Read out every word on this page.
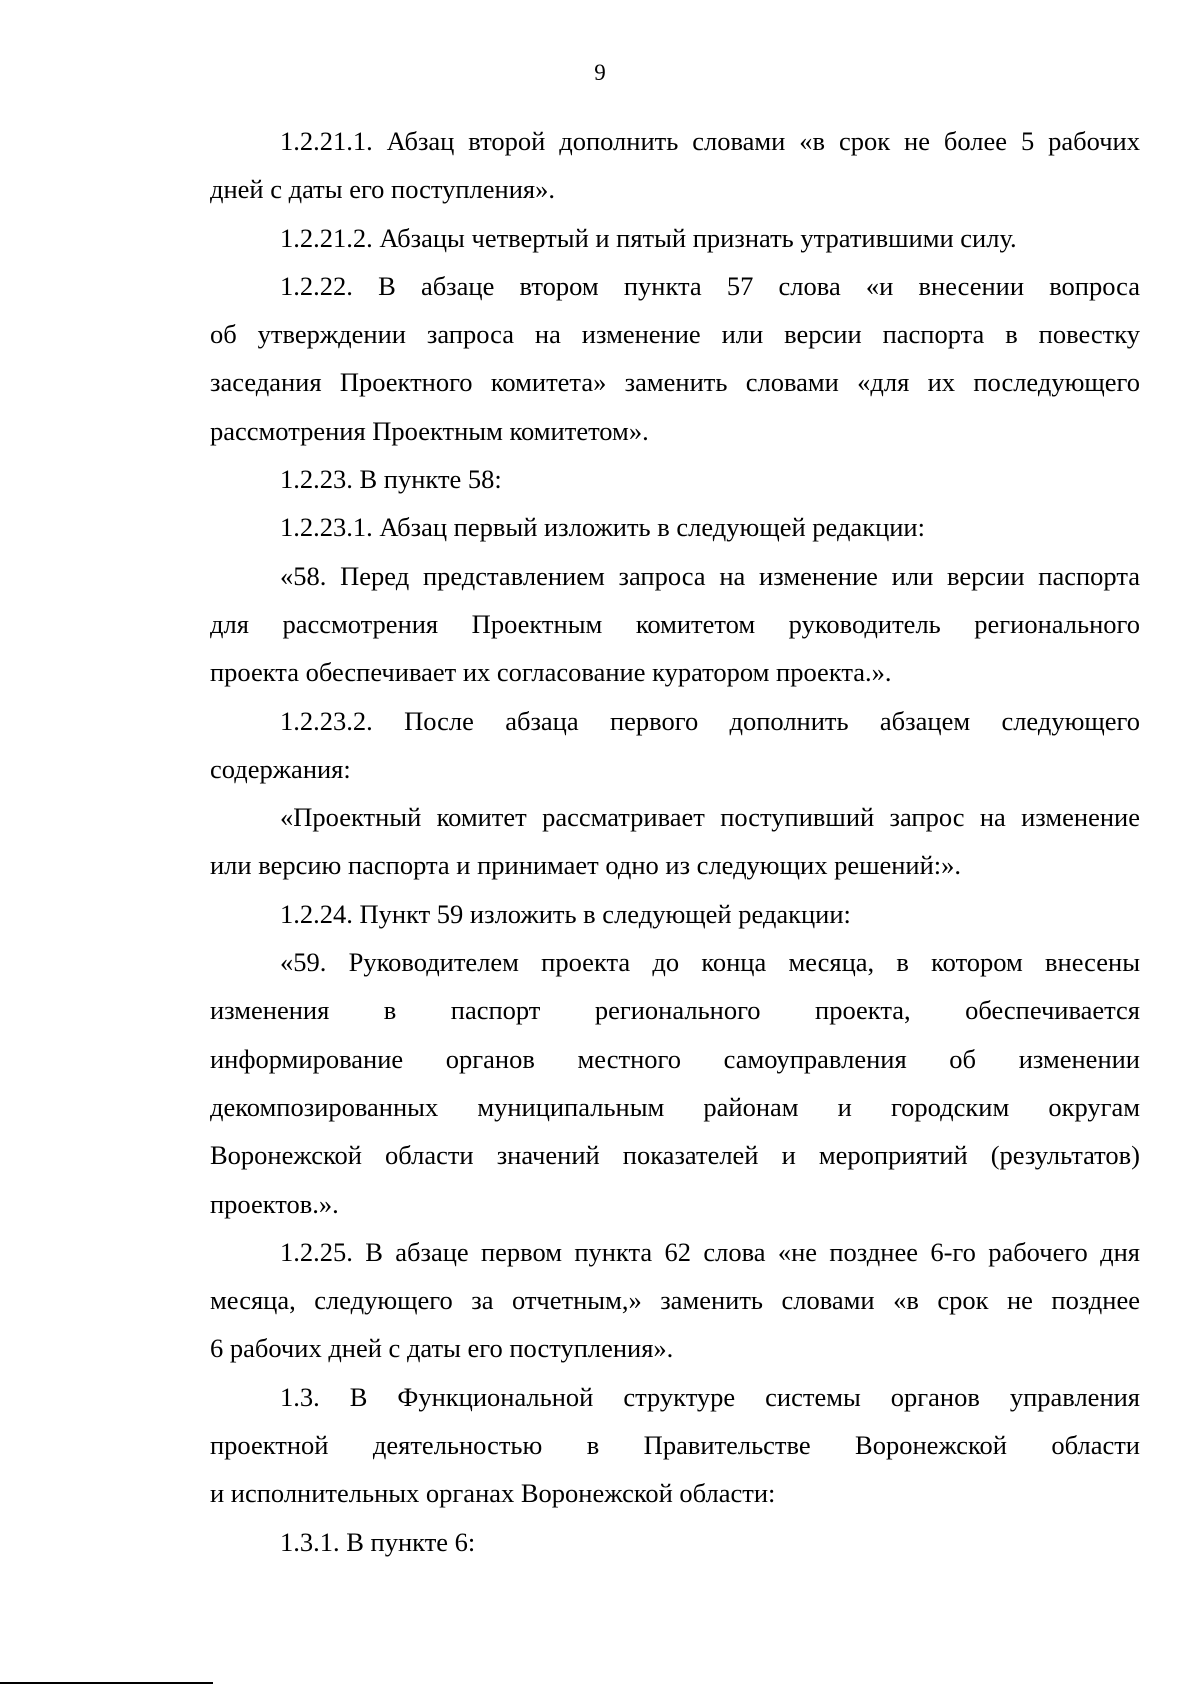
9
1.2.21.1. Абзац второй дополнить словами «в срок не более 5 рабочих
дней с даты его поступления».
1.2.21.2. Абзацы четвертый и пятый признать утратившими силу.
1.2.22. В абзаце втором пункта 57 слова «и внесении вопроса
об утверждении запроса на изменение или версии паспорта в повестку
заседания Проектного комитета» заменить словами «для их последующего
рассмотрения Проектным комитетом».
1.2.23. В пункте 58:
1.2.23.1. Абзац первый изложить в следующей редакции:
«58. Перед представлением запроса на изменение или версии паспорта
для рассмотрения Проектным комитетом руководитель регионального
проекта обеспечивает их согласование куратором проекта.».
1.2.23.2. После абзаца первого дополнить абзацем следующего
содержания:
«Проектный комитет рассматривает поступивший запрос на изменение
или версию паспорта и принимает одно из следующих решений:».
1.2.24. Пункт 59 изложить в следующей редакции:
«59. Руководителем проекта до конца месяца, в котором внесены
изменения в паспорт регионального проекта, обеспечивается
информирование органов местного самоуправления об изменении
декомпозированных муниципальным районам и городским округам
Воронежской области значений показателей и мероприятий (результатов)
проектов.».
1.2.25. В абзаце первом пункта 62 слова «не позднее 6-го рабочего дня
месяца, следующего за отчетным,» заменить словами «в срок не позднее
6 рабочих дней с даты его поступления».
1.3. В Функциональной структуре системы органов управления
проектной деятельностью в Правительстве Воронежской области
и исполнительных органах Воронежской области:
1.3.1. В пункте 6:
